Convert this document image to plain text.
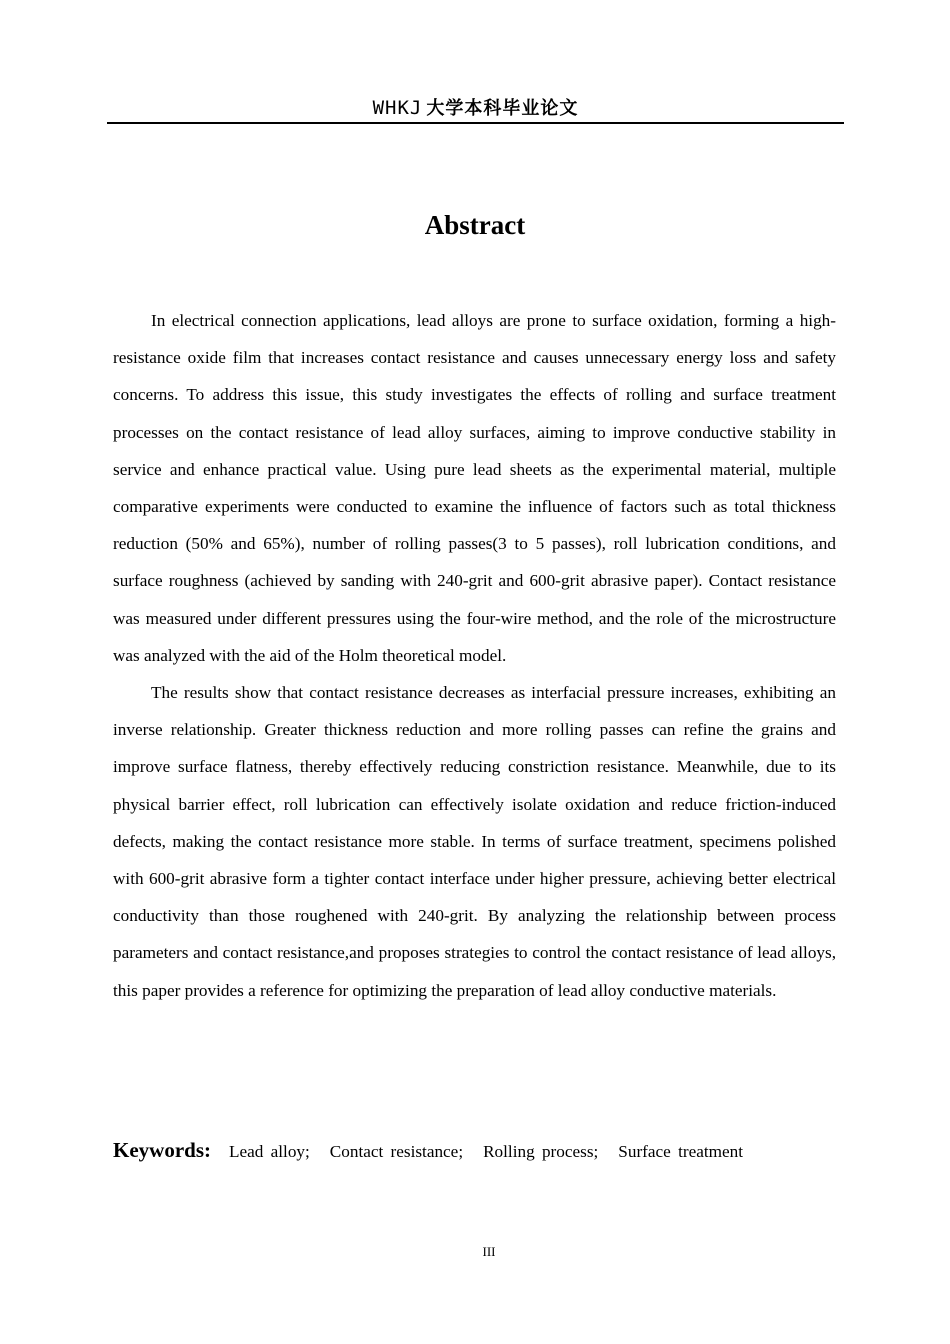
WHKJ 大学本科毕业论文
Abstract

In electrical connection applications, lead alloys are prone to surface oxidation, forming a high-resistance oxide film that increases contact resistance and causes unnecessary energy loss and safety concerns. To address this issue, this study investigates the effects of rolling and surface treatment processes on the contact resistance of lead alloy surfaces, aiming to improve conductive stability in service and enhance practical value. Using pure lead sheets as the experimental material, multiple comparative experiments were conducted to examine the influence of factors such as total thickness reduction (50% and 65%), number of rolling passes(3 to 5 passes), roll lubrication conditions, and surface roughness (achieved by sanding with 240-grit and 600-grit abrasive paper). Contact resistance was measured under different pressures using the four-wire method, and the role of the microstructure was analyzed with the aid of the Holm theoretical model.

The results show that contact resistance decreases as interfacial pressure increases, exhibiting an inverse relationship. Greater thickness reduction and more rolling passes can refine the grains and improve surface flatness, thereby effectively reducing constriction resistance. Meanwhile, due to its physical barrier effect, roll lubrication can effectively isolate oxidation and reduce friction-induced defects, making the contact resistance more stable. In terms of surface treatment, specimens polished with 600-grit abrasive form a tighter contact interface under higher pressure, achieving better electrical conductivity than those roughened with 240-grit. By analyzing the relationship between process parameters and contact resistance,and proposes strategies to control the contact resistance of lead alloys, this paper provides a reference for optimizing the preparation of lead alloy conductive materials.

Keywords: Lead alloy; Contact resistance; Rolling process; Surface treatment
III
